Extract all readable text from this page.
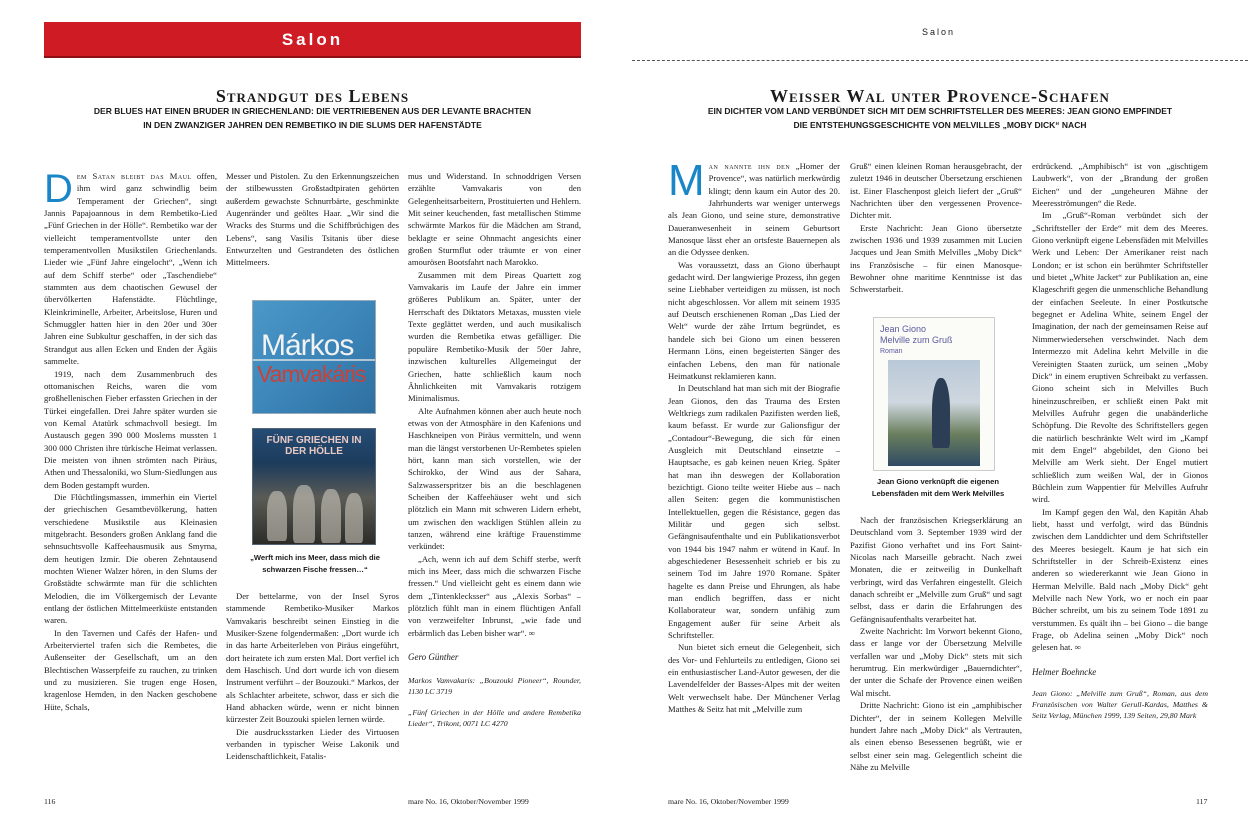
Salon
Strandgut des Lebens
DER BLUES HAT EINEN BRUDER IN GRIECHENLAND: DIE VERTRIEBENEN AUS DER LEVANTE BRACHTEN
IN DEN ZWANZIGER JAHREN DEN REMBETIKO IN DIE SLUMS DER HAFENSTÄDTE

Dem Satan bleibt das Maul offen, ihm wird ganz schwindlig beim Temperament der Griechen“, singt Jannis Papajoannous in dem Rembetiko-Lied „Fünf Griechen in der Hölle“. Rembetiko war der vielleicht temperamentvollste unter den temperamentvollen Musikstilen Griechenlands. Lieder wie „Fünf Jahre eingelocht“, „Wenn ich auf dem Schiff sterbe“ oder „Taschendiebe“ stammten aus dem chaotischen Gewusel der übervölkerten Hafenstädte. Flüchtlinge, Kleinkriminelle, Arbeiter, Arbeitslose, Huren und Schmuggler hatten hier in den 20er und 30er Jahren eine Subkultur geschaffen, in der sich das Strandgut aus allen Ecken und Enden der Ägäis sammelte.

1919, nach dem Zusammenbruch des ottomanischen Reichs, waren die vom großhellenischen Fieber erfassten Griechen in der Türkei eingefallen. Drei Jahre später wurden sie von Kemal Atatürk schmachvoll besiegt. Im Austausch gegen 390 000 Moslems mussten 1 300 000 Christen ihre türkische Heimat verlassen. Die meisten von ihnen strömten nach Piräus, Athen und Thessaloniki, wo Slum-Siedlungen aus dem Boden gestampft wurden.

Die Flüchtlingsmassen, immerhin ein Viertel der griechischen Gesamtbevölkerung, hatten verschiedene Musikstile aus Kleinasien mitgebracht. Besonders großen Anklang fand die sehnsuchtsvolle Kaffeehausmusik aus Smyrna, dem heutigen Izmir. Die oberen Zehntausend mochten Wiener Walzer hören, in den Slums der Großstädte schwärmte man für die schlichten Melodien, die im Völkergemisch der Levante entlang der östlichen Mittelmeerküste entstanden waren.

In den Tavernen und Cafés der Hafen- und Arbeiterviertel trafen sich die Rembetes, die Außenseiter der Gesellschaft, um an den Blechtischen Wasserpfeife zu rauchen, zu trinken und zu musizieren. Sie trugen enge Hosen, kragenlose Hemden, in den Nacken geschobene Hüte, Schals,

Messer und Pistolen. Zu den Erkennungszeichen der stilbewussten Großstadtpiraten gehörten außerdem gewachste Schnurrbärte, geschminkte Augenränder und geöltes Haar. „Wir sind die Wracks des Sturms und die Schiffbrüchigen des Lebens“, sang Vasilis Tsitanis über diese Entwurzelten und Gestrandeten des östlichen Mittelmeers.

Márkos
Vamvakáris
FÜNF GRIECHEN IN DER HÖLLE
„Werft mich ins Meer, dass mich die schwarzen Fische fressen…“

Der bettelarme, von der Insel Syros stammende Rembetiko-Musiker Markos Vamvakaris beschreibt seinen Einstieg in die Musiker-Szene folgendermaßen: „Dort wurde ich in das harte Arbeiterleben von Piräus eingeführt, dort heiratete ich zum ersten Mal. Dort verfiel ich dem Haschisch. Und dort wurde ich von diesem Instrument verführt – der Bouzouki.“ Markos, der als Schlachter arbeitete, schwor, dass er sich die Hand abhacken würde, wenn er nicht binnen kürzester Zeit Bouzouki spielen lernen würde.

Die ausdrucksstarken Lieder des Virtuosen verbanden in typischer Weise Lakonik und Leidenschaftlichkeit, Fatalis-

mus und Widerstand. In schnoddrigen Versen erzählte Vamvakaris von den Gelegenheitsarbeitern, Prostituierten und Hehlern. Mit seiner keuchenden, fast metallischen Stimme schwärmte Markos für die Mädchen am Strand, beklagte er seine Ohnmacht angesichts einer großen Sturmflut oder träumte er von einer amourösen Bootsfahrt nach Marokko.

Zusammen mit dem Pireas Quartett zog Vamvakaris im Laufe der Jahre ein immer größeres Publikum an. Später, unter der Herrschaft des Diktators Metaxas, mussten viele Texte geglättet werden, und auch musikalisch wurden die Rembetika etwas gefälliger. Die populäre Rembetiko-Musik der 50er Jahre, inzwischen kulturelles Allgemeingut der Griechen, hatte schließlich kaum noch Ähnlichkeiten mit Vamvakaris rotzigem Minimalismus.

Alte Aufnahmen können aber auch heute noch etwas von der Atmosphäre in den Kafenions und Haschkneipen von Piräus vermitteln, und wenn man die längst verstorbenen Ur-Rembetes spielen hört, kann man sich vorstellen, wie der Schirokko, der Wind aus der Sahara, Salzwasserspritzer bis an die beschlagenen Scheiben der Kaffeehäuser weht und sich plötzlich ein Mann mit schweren Lidern erhebt, um zwischen den wackligen Stühlen allein zu tanzen, während eine kräftige Frauenstimme verkündet:

„Ach, wenn ich auf dem Schiff sterbe, werft mich ins Meer, dass mich die schwarzen Fische fressen.“ Und vielleicht geht es einem dann wie dem „Tintenklecksser“ aus „Alexis Sorbas“ – plötzlich fühlt man in einem flüchtigen Anfall von verzweifelter Inbrunst, „wie fade und erbärmlich das Leben bisher war“. ∞

Gero Günther
Markos Vamvakaris: „Bouzouki Pioneer“, Rounder, 1130 LC 3719
„Fünf Griechen in der Hölle und andere Rembetika Lieder“, Trikont, 0071 LC 4270
116	mare No. 16, Oktober/November 1999
Salon
Weisser Wal unter Provence-Schafen
EIN DICHTER VOM LAND VERBÜNDET SICH MIT DEM SCHRIFTSTELLER DES MEERES: JEAN GIONO EMPFINDET
DIE ENTSTEHUNGSGESCHICHTE VON MELVILLES „MOBY DICK“ NACH

Man nannte ihn den „Homer der Provence“, was natürlich merkwürdig klingt; denn kaum ein Autor des 20. Jahrhunderts war weniger unterwegs als Jean Giono, und seine sture, demonstrative Daueranwesenheit in seinem Geburtsort Manosque lässt eher an ortsfeste Bauernepen als an die Odyssee denken.

Was voraussetzt, dass an Giono überhaupt gedacht wird. Der langwierige Prozess, ihn gegen seine Liebhaber verteidigen zu müssen, ist noch nicht abgeschlossen. Vor allem mit seinem 1935 auf Deutsch erschienenen Roman „Das Lied der Welt“ wurde der zähe Irrtum begründet, es handele sich bei Giono um einen besseren Hermann Löns, einen begeisterten Sänger des einfachen Lebens, den man für nationale Heimatkunst reklamieren kann.

In Deutschland hat man sich mit der Biografie Jean Gionos, den das Trauma des Ersten Weltkriegs zum radikalen Pazifisten werden ließ, kaum befasst. Er wurde zur Galionsfigur der „Contadour“-Bewegung, die sich für einen Ausgleich mit Deutschland einsetzte – Hauptsache, es gab keinen neuen Krieg. Später hat man ihn deswegen der Kollaboration bezichtigt. Giono teilte weiter Hiebe aus – nach allen Seiten: gegen die kommunistischen Intellektuellen, gegen die Résistance, gegen das Militär und gegen sich selbst. Gefängnisaufenthalte und ein Publikationsverbot von 1944 bis 1947 nahm er wütend in Kauf. In abgeschiedener Besessenheit schrieb er bis zu seinem Tod im Jahre 1970 Romane. Später hagelte es dann Preise und Ehrungen, als habe man endlich begriffen, dass er nicht Kollaborateur war, sondern unfähig zum Engagement außer für seine Arbeit als Schriftsteller.

Nun bietet sich erneut die Gelegenheit, sich des Vor- und Fehlurteils zu entledigen, Giono sei ein enthusiastischer Land-Autor gewesen, der die Lavendelfelder der Basses-Alpes mit der weiten Welt verwechselt habe. Der Münchener Verlag Matthes & Seitz hat mit „Melville zum

Gruß“ einen kleinen Roman herausgebracht, der zuletzt 1946 in deutscher Übersetzung erschienen ist. Einer Flaschenpost gleich liefert der „Gruß“ Nachrichten über den vergessenen Provence-Dichter mit.

Erste Nachricht: Jean Giono übersetzte zwischen 1936 und 1939 zusammen mit Lucien Jacques und Jean Smith Melvilles „Moby Dick“ ins Französische – für einen Manosque-Bewohner ohne maritime Kenntnisse ist das Schwerstarbeit.

Jean Giono
Melville zum Gruß
Roman
Jean Giono verknüpft die eigenen Lebensfäden mit dem Werk Melvilles

Nach der französischen Kriegserklärung an Deutschland vom 3. September 1939 wird der Pazifist Giono verhaftet und ins Fort Saint-Nicolas nach Marseille gebracht. Nach zwei Monaten, die er zeitweilig in Dunkelhaft verbringt, wird das Verfahren eingestellt. Gleich danach schreibt er „Melville zum Gruß“ und sagt selbst, dass er darin die Erfahrungen des Gefängnisaufenthalts verarbeitet hat.

Zweite Nachricht: Im Vorwort bekennt Giono, dass er lange vor der Übersetzung Melville verfallen war und „Moby Dick“ stets mit sich herumtrug. Ein merkwürdiger „Bauerndichter“, der unter die Schafe der Provence einen weißen Wal mischt.

Dritte Nachricht: Giono ist ein „amphibischer Dichter“, der in seinem Kollegen Melville hundert Jahre nach „Moby Dick“ als Vertrauten, als einen ebenso Besessenen begrüßt, wie er selbst einer sein mag. Gelegentlich scheint die Nähe zu Melville

erdrückend. „Amphibisch“ ist von „gischtigem Laubwerk“, von der „Brandung der großen Eichen“ und der „ungeheuren Mähne der Meeresströmungen“ die Rede.

Im „Gruß“-Roman verbündet sich der „Schriftsteller der Erde“ mit dem des Meeres. Giono verknüpft eigene Lebensfäden mit Melvilles Werk und Leben: Der Amerikaner reist nach London; er ist schon ein berühmter Schriftsteller und bietet „White Jacket“ zur Publikation an, eine Klageschrift gegen die unmenschliche Behandlung der einfachen Seeleute. In einer Postkutsche begegnet er Adelina White, seinem Engel der Imagination, der nach der gemeinsamen Reise auf Nimmerwiedersehen verschwindet. Nach dem Intermezzo mit Adelina kehrt Melville in die Vereinigten Staaten zurück, um seinen „Moby Dick“ in einem eruptiven Schreibakt zu verfassen. Giono scheint sich in Melvilles Buch hineinzuschreiben, er schließt einen Pakt mit Melvilles Aufruhr gegen die unabänderliche Schöpfung. Die Revolte des Schriftstellers gegen die natürlich beschränkte Welt wird im „Kampf mit dem Engel“ abgebildet, den Giono bei Melville am Werk sieht. Der Engel mutiert schließlich zum weißen Wal, der in Gionos Büchlein zum Wappentier für Melvilles Aufruhr wird.

Im Kampf gegen den Wal, den Kapitän Ahab liebt, hasst und verfolgt, wird das Bündnis zwischen dem Landdichter und dem Schriftsteller des Meeres besiegelt. Kaum je hat sich ein Schriftsteller in der Schreib-Existenz eines anderen so wiedererkannt wie Jean Giono in Herman Melville. Bald nach „Moby Dick“ geht Melville nach New York, wo er noch ein paar Bücher schreibt, um bis zu seinem Tode 1891 zu verstummen. Es quält ihn – bei Giono – die bange Frage, ob Adelina seinen „Moby Dick“ noch gelesen hat. ∞

Helmer Boehncke
Jean Giono: „Melville zum Gruß“, Roman, aus dem Französischen von Walter Gerull-Kardas, Matthes & Seitz Verlag, München 1999, 139 Seiten, 29,80 Mark
mare No. 16, Oktober/November 1999	117
